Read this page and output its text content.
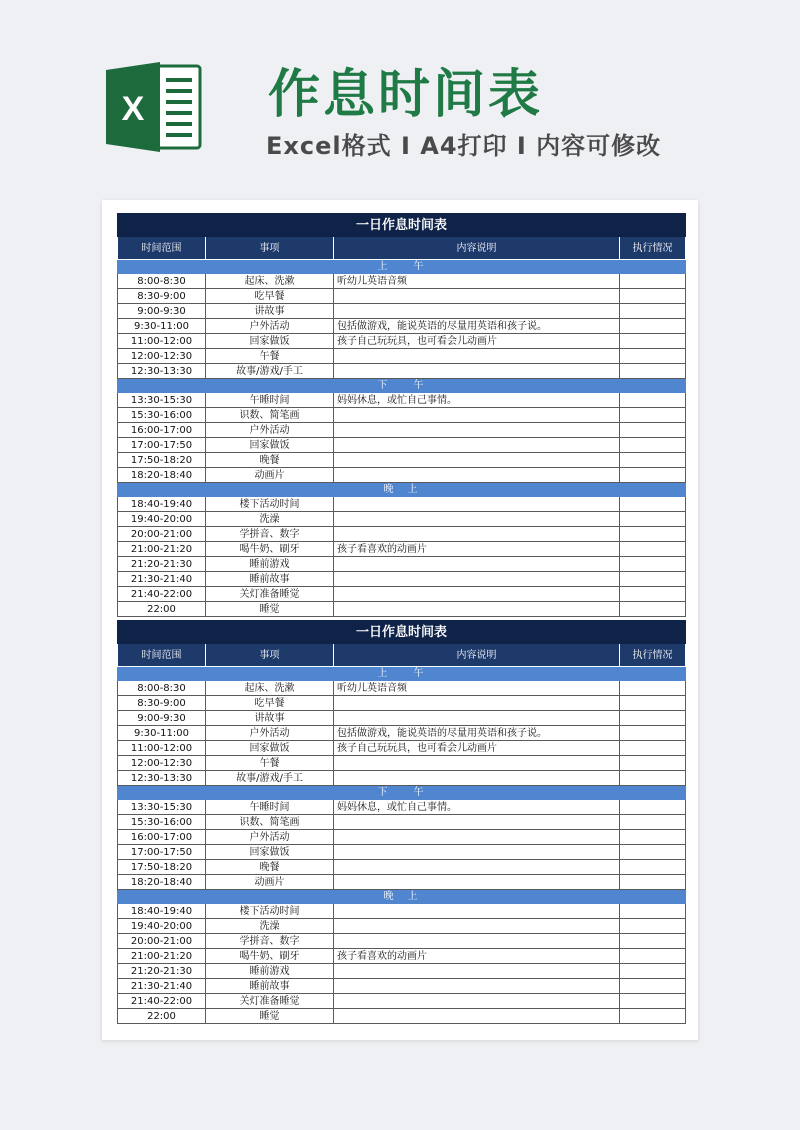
X 作息时间表
Excel格式 I A4打印 I 内容可修改
一日作息时间表			
时间范围	事项	内容说明	执行情况
上　　午			
8:00-8:30	起床、洗漱	听幼儿英语音频	
8:30-9:00	吃早餐		
9:00-9:30	讲故事		
9:30-11:00	户外活动	包括做游戏，能说英语的尽量用英语和孩子说。	
11:00-12:00	回家做饭	孩子自己玩玩具，也可看会儿动画片	
12:00-12:30	午餐		
12:30-13:30	故事/游戏/手工		
下　　午			
13:30-15:30	午睡时间	妈妈休息，或忙自己事情。	
15:30-16:00	识数、简笔画		
16:00-17:00	户外活动		
17:00-17:50	回家做饭		
17:50-18:20	晚餐		
18:20-18:40	动画片		
晚　上			
18:40-19:40	楼下活动时间		
19:40-20:00	洗澡		
20:00-21:00	学拼音、数字		
21:00-21:20	喝牛奶、刷牙	孩子看喜欢的动画片	
21:20-21:30	睡前游戏		
21:30-21:40	睡前故事		
21:40-22:00	关灯准备睡觉		
22:00	睡觉		
一日作息时间表			
时间范围	事项	内容说明	执行情况
上　　午			
8:00-8:30	起床、洗漱	听幼儿英语音频	
8:30-9:00	吃早餐		
9:00-9:30	讲故事		
9:30-11:00	户外活动	包括做游戏，能说英语的尽量用英语和孩子说。	
11:00-12:00	回家做饭	孩子自己玩玩具，也可看会儿动画片	
12:00-12:30	午餐		
12:30-13:30	故事/游戏/手工		
下　　午			
13:30-15:30	午睡时间	妈妈休息，或忙自己事情。	
15:30-16:00	识数、简笔画		
16:00-17:00	户外活动		
17:00-17:50	回家做饭		
17:50-18:20	晚餐		
18:20-18:40	动画片		
晚　上			
18:40-19:40	楼下活动时间		
19:40-20:00	洗澡		
20:00-21:00	学拼音、数字		
21:00-21:20	喝牛奶、刷牙	孩子看喜欢的动画片	
21:20-21:30	睡前游戏		
21:30-21:40	睡前故事		
21:40-22:00	关灯准备睡觉		
22:00	睡觉		
